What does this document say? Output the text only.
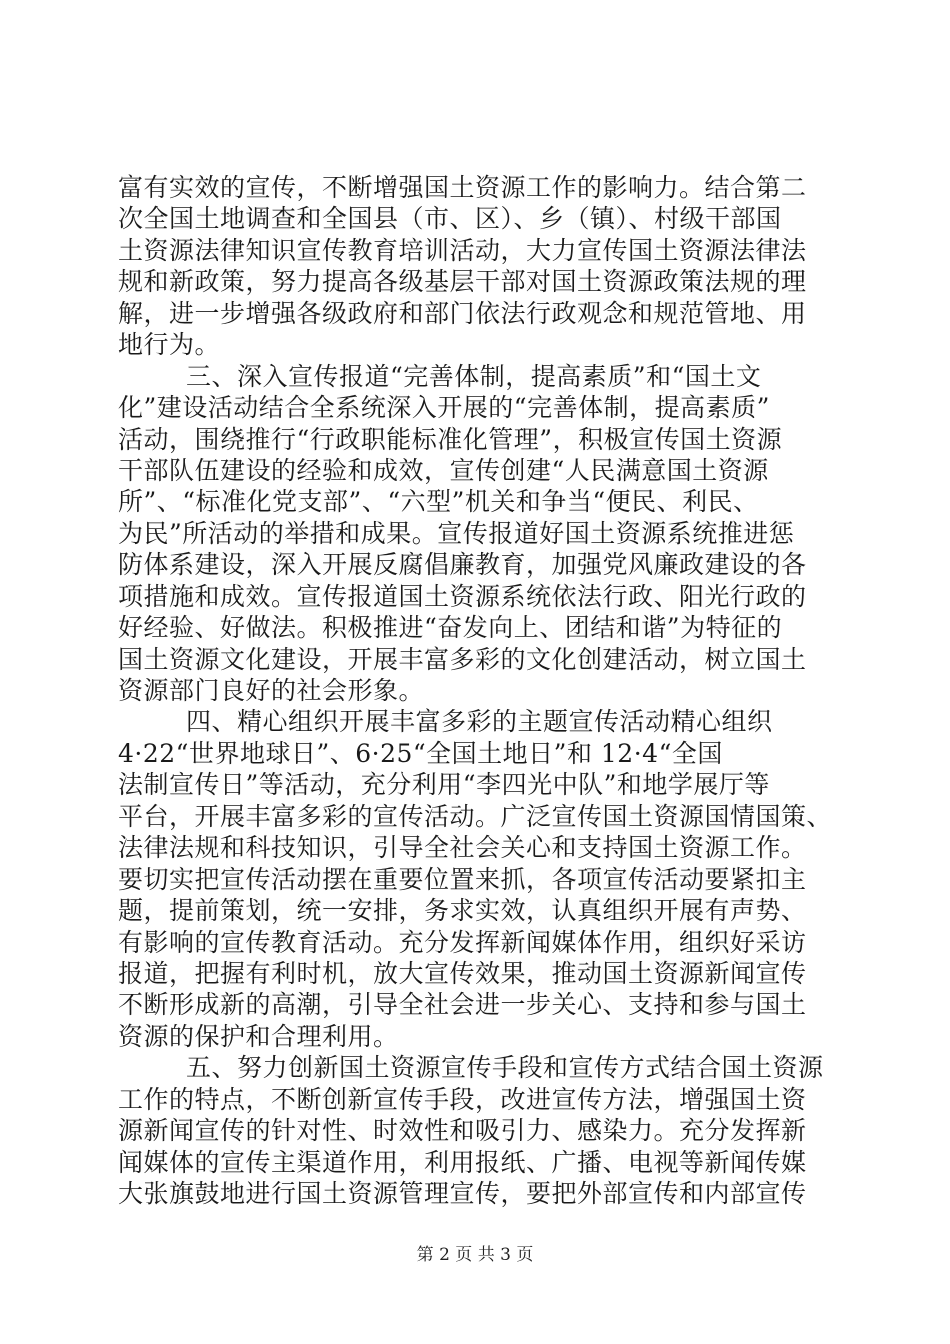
富有实效的宣传，不断增强国土资源工作的影响力。结合第二
次全国土地调查和全国县（市、区）、乡（镇）、村级干部国
土资源法律知识宣传教育培训活动，大力宣传国土资源法律法
规和新政策，努力提高各级基层干部对国土资源政策法规的理
解，进一步增强各级政府和部门依法行政观念和规范管地、用
地行为。
三、深入宣传报道“完善体制，提高素质”和“国土文
化”建设活动结合全系统深入开展的“完善体制，提高素质”
活动，围绕推行“行政职能标准化管理”，积极宣传国土资源
干部队伍建设的经验和成效，宣传创建“人民满意国土资源
所”、“标准化党支部”、“六型”机关和争当“便民、利民、
为民”所活动的举措和成果。宣传报道好国土资源系统推进惩
防体系建设，深入开展反腐倡廉教育，加强党风廉政建设的各
项措施和成效。宣传报道国土资源系统依法行政、阳光行政的
好经验、好做法。积极推进“奋发向上、团结和谐”为特征的
国土资源文化建设，开展丰富多彩的文化创建活动，树立国土
资源部门良好的社会形象。
四、精心组织开展丰富多彩的主题宣传活动精心组织
4·22“世界地球日”、6·25“全国土地日”和 12·4“全国
法制宣传日”等活动，充分利用“李四光中队”和地学展厅等
平台，开展丰富多彩的宣传活动。广泛宣传国土资源国情国策、
法律法规和科技知识，引导全社会关心和支持国土资源工作。
要切实把宣传活动摆在重要位置来抓，各项宣传活动要紧扣主
题，提前策划，统一安排，务求实效，认真组织开展有声势、
有影响的宣传教育活动。充分发挥新闻媒体作用，组织好采访
报道，把握有利时机，放大宣传效果，推动国土资源新闻宣传
不断形成新的高潮，引导全社会进一步关心、支持和参与国土
资源的保护和合理利用。
五、努力创新国土资源宣传手段和宣传方式结合国土资源
工作的特点，不断创新宣传手段，改进宣传方法，增强国土资
源新闻宣传的针对性、时效性和吸引力、感染力。充分发挥新
闻媒体的宣传主渠道作用，利用报纸、广播、电视等新闻传媒
大张旗鼓地进行国土资源管理宣传，要把外部宣传和内部宣传
第 2 页 共 3 页
